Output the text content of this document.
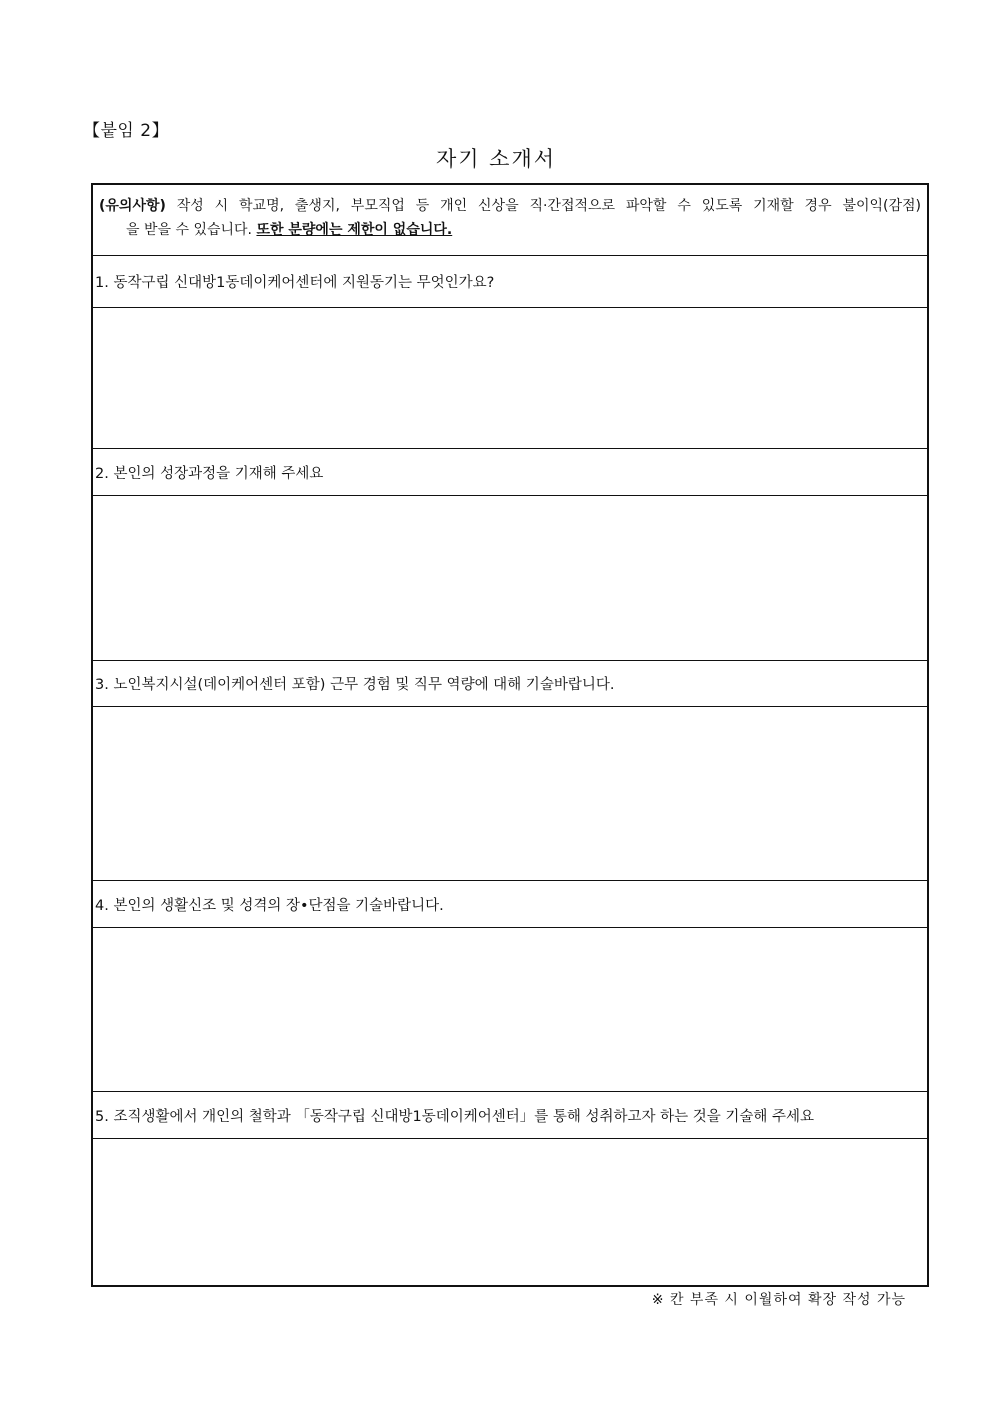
【붙임 2】
자기 소개서
(유의사항) 작성 시 학교명, 출생지, 부모직업 등 개인 신상을 직·간접적으로 파악할 수 있도록 기재할 경우 불이익(감점)
을 받을 수 있습니다. 또한 분량에는 제한이 없습니다.
1. 동작구립 신대방1동데이케어센터에 지원동기는 무엇인가요?
2. 본인의 성장과정을 기재해 주세요
3. 노인복지시설(데이케어센터 포함) 근무 경험 및 직무 역량에 대해 기술바랍니다.
4. 본인의 생활신조 및 성격의 장•단점을 기술바랍니다.
5. 조직생활에서 개인의 철학과 「동작구립 신대방1동데이케어센터」를 통해 성취하고자 하는 것을 기술해 주세요
※ 칸 부족 시 이월하여 확장 작성 가능
